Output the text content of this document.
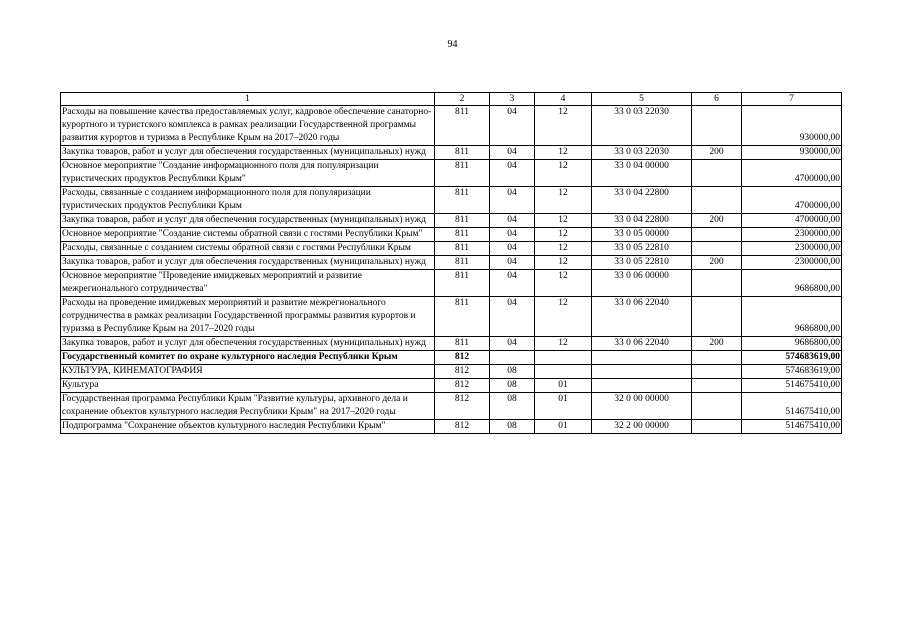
94
1	2	3	4	5	6	7
Расходы на повышение качества предоставляемых услуг, кадровое обеспечение санаторно-курортного и туристского комплекса в рамках реализации Государственной программы развития курортов и туризма в Республике Крым на 2017–2020 годы	811	04	12	33 0 03 22030		930000,00
Закупка товаров, работ и услуг для обеспечения государственных (муниципальных) нужд	811	04	12	33 0 03 22030	200	930000,00
Основное мероприятие "Создание информационного поля для популяризации туристических продуктов Республики Крым"	811	04	12	33 0 04 00000		4700000,00
Расходы, связанные с созданием информационного поля для популяризации туристических продуктов Республики Крым	811	04	12	33 0 04 22800		4700000,00
Закупка товаров, работ и услуг для обеспечения государственных (муниципальных) нужд	811	04	12	33 0 04 22800	200	4700000,00
Основное мероприятие "Создание системы обратной связи с гостями Республики Крым"	811	04	12	33 0 05 00000		2300000,00
Расходы, связанные с созданием системы обратной связи с гостями Республики Крым	811	04	12	33 0 05 22810		2300000,00
Закупка товаров, работ и услуг для обеспечения государственных (муниципальных) нужд	811	04	12	33 0 05 22810	200	2300000,00
Основное мероприятие "Проведение имиджевых мероприятий и развитие межрегионального сотрудничества"	811	04	12	33 0 06 00000		9686800,00
Расходы на проведение имиджевых мероприятий и развитие межрегионального сотрудничества в рамках реализации Государственной программы развития курортов и туризма в Республике Крым на 2017–2020 годы	811	04	12	33 0 06 22040		9686800,00
Закупка товаров, работ и услуг для обеспечения государственных (муниципальных) нужд	811	04	12	33 0 06 22040	200	9686800,00
Государственный комитет по охране культурного наследия Республики Крым	812					574683619,00
КУЛЬТУРА, КИНЕМАТОГРАФИЯ	812	08				574683619,00
Культура	812	08	01			514675410,00
Государственная программа Республики Крым "Развитие культуры, архивного дела и сохранение объектов культурного наследия Республики Крым" на 2017–2020 годы	812	08	01	32 0 00 00000		514675410,00
Подпрограмма "Сохранение объектов культурного наследия Республики Крым"	812	08	01	32 2 00 00000		514675410,00
